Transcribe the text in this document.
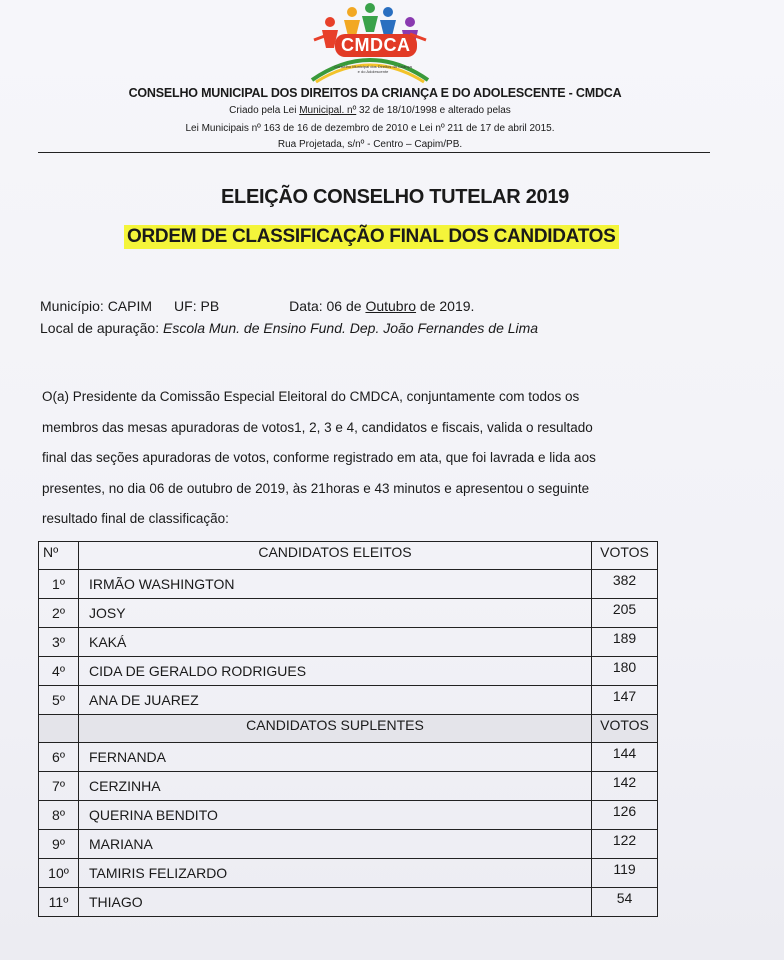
CMDCA
Conselho Municipal dos Direitos da Criança e do Adolescente
CONSELHO MUNICIPAL DOS DIREITOS DA CRIANÇA E DO ADOLESCENTE - CMDCA
Criado pela Lei Municipal. nº 32 de 18/10/1998 e alterado pelas
Lei Municipais nº 163 de 16 de dezembro de 2010 e Lei nº 211 de 17 de abril 2015.
Rua Projetada, s/nº - Centro – Capim/PB.
ELEIÇÃO CONSELHO TUTELAR 2019
ORDEM DE CLASSIFICAÇÃO FINAL DOS CANDIDATOS
Município: CAPIM UF: PB	Data: 06 de Outubro de 2019.
Local de apuração: Escola Mun. de Ensino Fund. Dep. João Fernandes de Lima

O(a) Presidente da Comissão Especial Eleitoral do CMDCA, conjuntamente com todos os

membros das mesas apuradoras de votos1, 2, 3 e 4, candidatos e fiscais, valida o resultado

final das seções apuradoras de votos, conforme registrado em ata, que foi lavrada e lida aos

presentes, no dia 06 de outubro de 2019, às 21horas e 43 minutos e apresentou o seguinte

resultado final de classificação:

Nº	CANDIDATOS ELEITOS	VOTOS
1º	IRMÃO WASHINGTON	382
2º	JOSY	205
3º	KAKÁ	189
4º	CIDA DE GERALDO RODRIGUES	180
5º	ANA DE JUAREZ	147
	CANDIDATOS SUPLENTES	VOTOS
6º	FERNANDA	144
7º	CERZINHA	142
8º	QUERINA BENDITO	126
9º	MARIANA	122
10º	TAMIRIS FELIZARDO	119
11º	THIAGO	54
